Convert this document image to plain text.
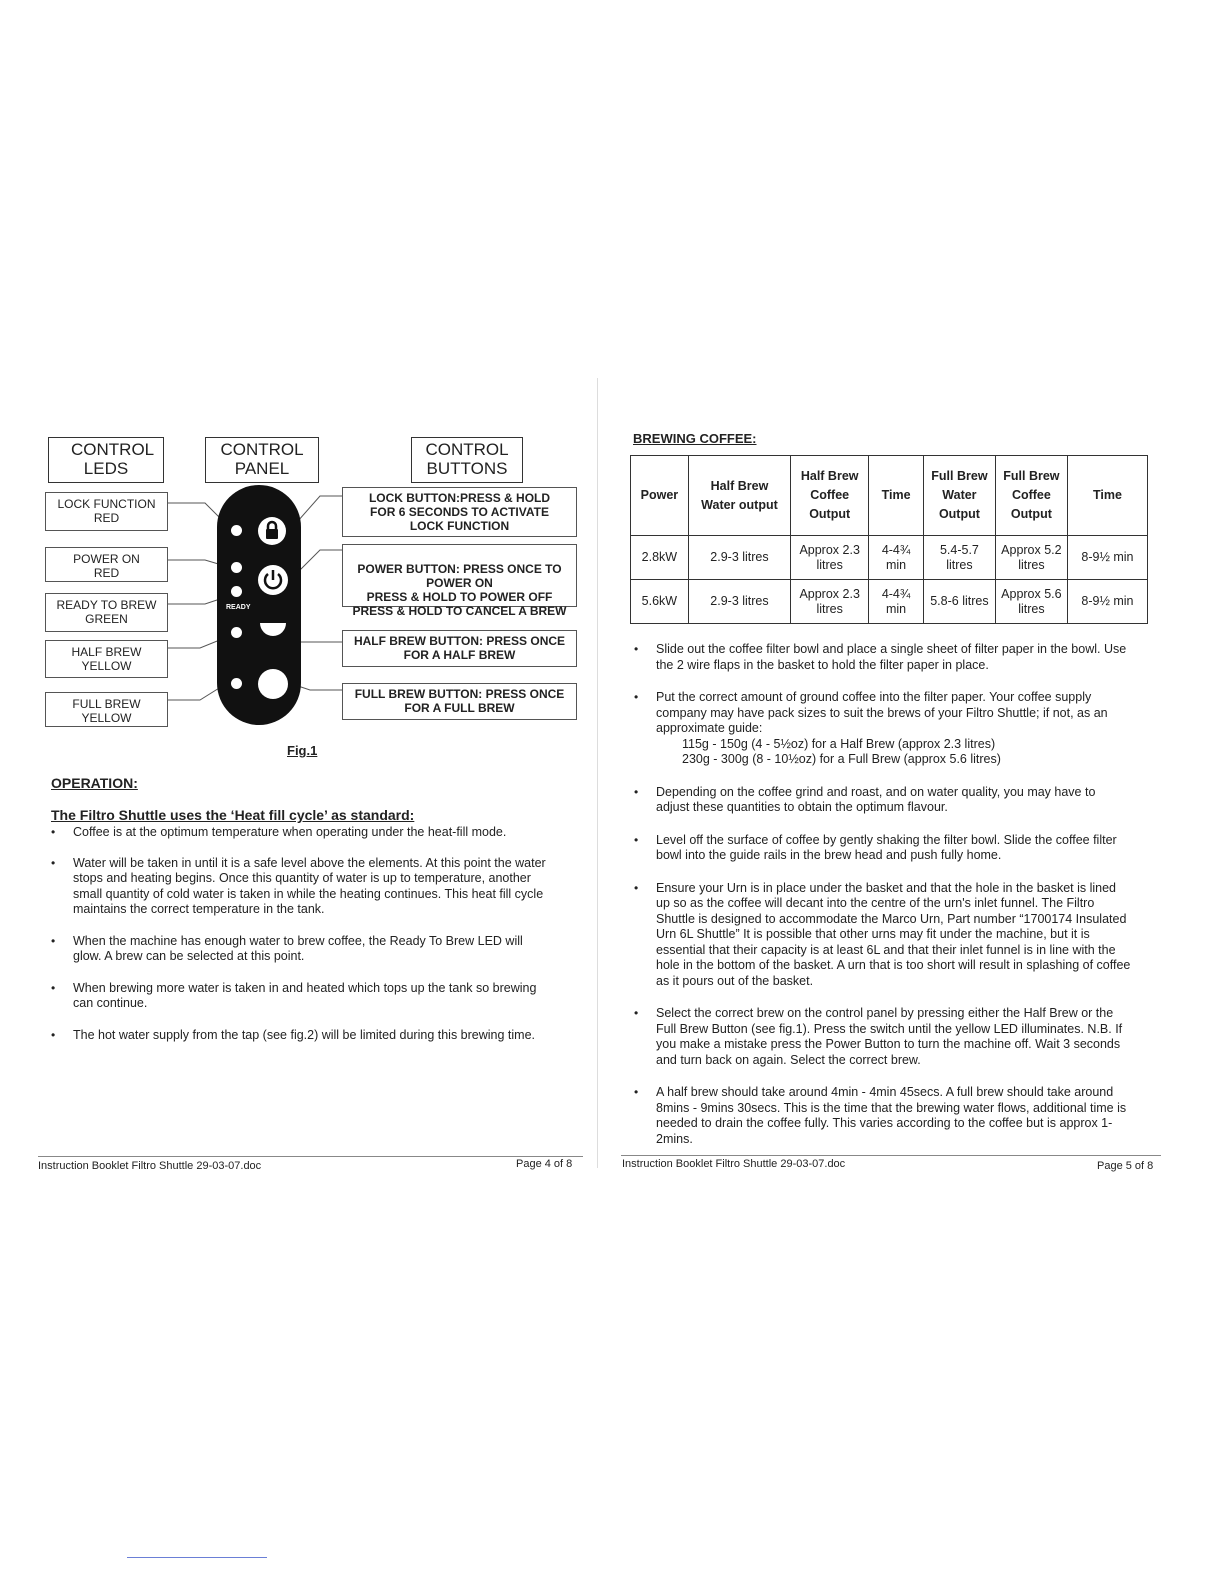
CONTROL LEDS
CONTROL PANEL
CONTROL BUTTONS
LOCK FUNCTION
RED
POWER ON
RED
READY TO BREW
GREEN
HALF BREW
YELLOW
FULL BREW
YELLOW
READY
LOCK BUTTON:PRESS & HOLD FOR 6 SECONDS TO ACTIVATE LOCK FUNCTION

POWER BUTTON: PRESS ONCE TO POWER ON
PRESS & HOLD TO POWER OFF
PRESS & HOLD TO CANCEL A BREW

HALF BREW BUTTON: PRESS ONCE FOR A HALF BREW
FULL BREW BUTTON: PRESS ONCE FOR A FULL BREW
Fig.1
OPERATION:
The Filtro Shuttle uses the ‘Heat fill cycle’ as standard:
• Coffee is at the optimum temperature when operating under the heat-fill mode.
• Water will be taken in until it is a safe level above the elements. At this point the water stops and heating begins. Once this quantity of water is up to temperature, another small quantity of cold water is taken in while the heating continues. This heat fill cycle maintains the correct temperature in the tank.
• When the machine has enough water to brew coffee, the Ready To Brew LED will glow. A brew can be selected at this point.
• When brewing more water is taken in and heated which tops up the tank so brewing can continue.
• The hot water supply from the tap (see fig.2) will be limited during this brewing time.
Instruction Booklet Filtro Shuttle 29-03-07.doc	Page 4 of 8
BREWING COFFEE:
Power	Half Brew Water output	Half Brew Coffee Output	Time	Full Brew Water Output	Full Brew Coffee Output	Time
2.8kW	2.9-3 litres	Approx 2.3 litres	4-4¾ min	5.4-5.7 litres	Approx 5.2 litres	8-9½ min
5.6kW	2.9-3 litres	Approx 2.3 litres	4-4¾ min	5.8-6 litres	Approx 5.6 litres	8-9½ min
• Slide out the coffee filter bowl and place a single sheet of filter paper in the bowl. Use the 2 wire flaps in the basket to hold the filter paper in place.
• Put the correct amount of ground coffee into the filter paper. Your coffee supply company may have pack sizes to suit the brews of your Filtro Shuttle; if not, as an approximate guide:
115g - 150g (4 - 5½oz) for a Half Brew (approx 2.3 litres)
230g - 300g (8 - 10½oz) for a Full Brew (approx 5.6 litres)
• Depending on the coffee grind and roast, and on water quality, you may have to adjust these quantities to obtain the optimum flavour.
• Level off the surface of coffee by gently shaking the filter bowl. Slide the coffee filter bowl into the guide rails in the brew head and push fully home.
• Ensure your Urn is in place under the basket and that the hole in the basket is lined up so as the coffee will decant into the centre of the urn's inlet funnel. The Filtro Shuttle is designed to accommodate the Marco Urn, Part number “1700174 Insulated Urn 6L Shuttle” It is possible that other urns may fit under the machine, but it is essential that their capacity is at least 6L and that their inlet funnel is in line with the hole in the bottom of the basket. A urn that is too short will result in splashing of coffee as it pours out of the basket.
• Select the correct brew on the control panel by pressing either the Half Brew or the Full Brew Button (see fig.1). Press the switch until the yellow LED illuminates. N.B. If you make a mistake press the Power Button to turn the machine off. Wait 3 seconds and turn back on again. Select the correct brew.
• A half brew should take around 4min - 4min 45secs. A full brew should take around 8mins - 9mins 30secs. This is the time that the brewing water flows, additional time is needed to drain the coffee fully. This varies according to the coffee but is approx 1-2mins.
Instruction Booklet Filtro Shuttle 29-03-07.doc	Page 5 of 8
